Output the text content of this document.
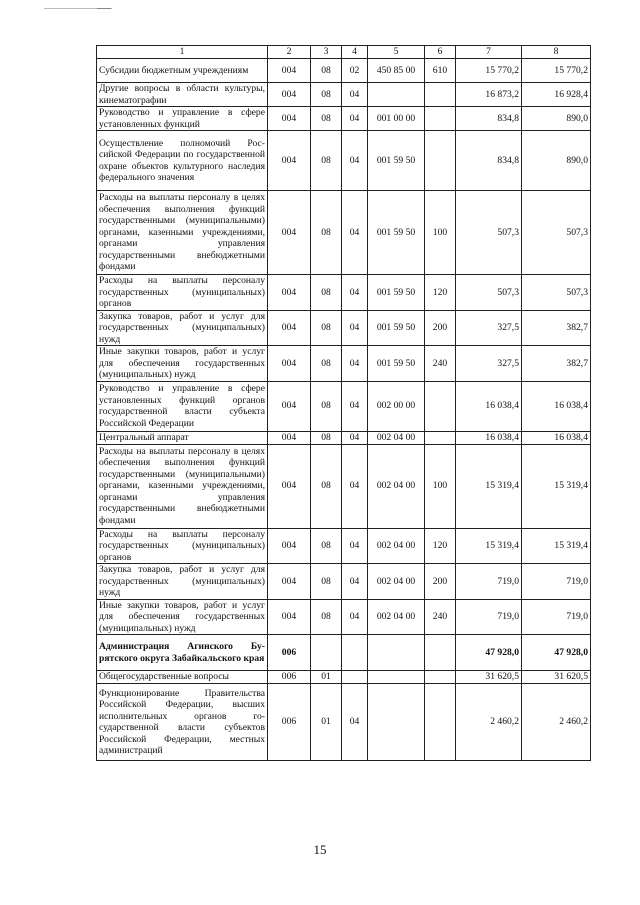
1	2	3	4	5	6	7	8
Субсидии бюджетным учреждениям	004	08	02	450 85 00	610	15 770,2	15 770,2
Другие вопросы в области культуры, кинематографии	004	08	04			16 873,2	16 928,4
Руководство и управление в сфере установленных функций	004	08	04	001 00 00		834,8	890,0
Осуществление полномочий Российской Федерации по государственной охране объектов культурного наследия федерального значения	004	08	04	001 59 50		834,8	890,0
Расходы на выплаты персоналу в целях обеспечения выполнения функций государственными (муниципальными) органами, казенными учреждениями, органами управления государственными внебюджетными фондами	004	08	04	001 59 50	100	507,3	507,3
Расходы на выплаты персоналу государственных (муниципальных) органов	004	08	04	001 59 50	120	507,3	507,3
Закупка товаров, работ и услуг для государственных (муниципальных) нужд	004	08	04	001 59 50	200	327,5	382,7
Иные закупки товаров, работ и услуг для обеспечения государственных (муниципальных) нужд	004	08	04	001 59 50	240	327,5	382,7
Руководство и управление в сфере установленных функций органов государственной власти субъекта Российской Федерации	004	08	04	002 00 00		16 038,4	16 038,4
Центральный аппарат	004	08	04	002 04 00		16 038,4	16 038,4
Расходы на выплаты персоналу в целях обеспечения выполнения функций государственными (муниципальными) органами, казенными учреждениями, органами управления государственными внебюджетными фондами	004	08	04	002 04 00	100	15 319,4	15 319,4
Расходы на выплаты персоналу государственных (муниципальных) органов	004	08	04	002 04 00	120	15 319,4	15 319,4
Закупка товаров, работ и услуг для государственных (муниципальных) нужд	004	08	04	002 04 00	200	719,0	719,0
Иные закупки товаров, работ и услуг для обеспечения государственных (муниципальных) нужд	004	08	04	002 04 00	240	719,0	719,0
Администрация Агинского Бурятского округа Забайкальского края	006					47 928,0	47 928,0
Общегосударственные вопросы	006	01				31 620,5	31 620,5
Функционирование Правительства Российской Федерации, высших исполнительных органов государственной власти субъектов Российской Федерации, местных администраций	006	01	04			2 460,2	2 460,2
15
